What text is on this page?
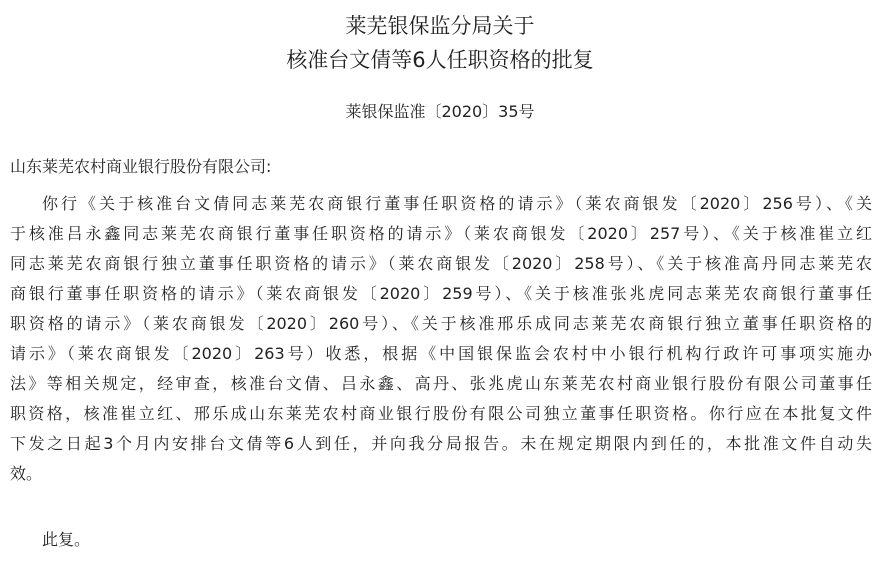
莱芜银保监分局关于
核准台文倩等6人任职资格的批复
莱银保监准〔2020〕35号
山东莱芜农村商业银行股份有限公司:
你行《关于核准台文倩同志莱芜农商银行董事任职资格的请示》（莱农商银发〔2020〕256号）、《关
于核准吕永鑫同志莱芜农商银行董事任职资格的请示》（莱农商银发〔2020〕257号）、《关于核准崔立红
同志莱芜农商银行独立董事任职资格的请示》（莱农商银发〔2020〕258号）、《关于核准高丹同志莱芜农
商银行董事任职资格的请示》（莱农商银发〔2020〕259号）、《关于核准张兆虎同志莱芜农商银行董事任
职资格的请示》（莱农商银发〔2020〕260号）、《关于核准邢乐成同志莱芜农商银行独立董事任职资格的
请示》（莱农商银发〔2020〕263号）收悉，根据《中国银保监会农村中小银行机构行政许可事项实施办
法》等相关规定，经审查，核准台文倩、吕永鑫、高丹、张兆虎山东莱芜农村商业银行股份有限公司董事任
职资格，核准崔立红、邢乐成山东莱芜农村商业银行股份有限公司独立董事任职资格。你行应在本批复文件
下发之日起3个月内安排台文倩等6人到任，并向我分局报告。未在规定期限内到任的，本批准文件自动失
效。
此复。
